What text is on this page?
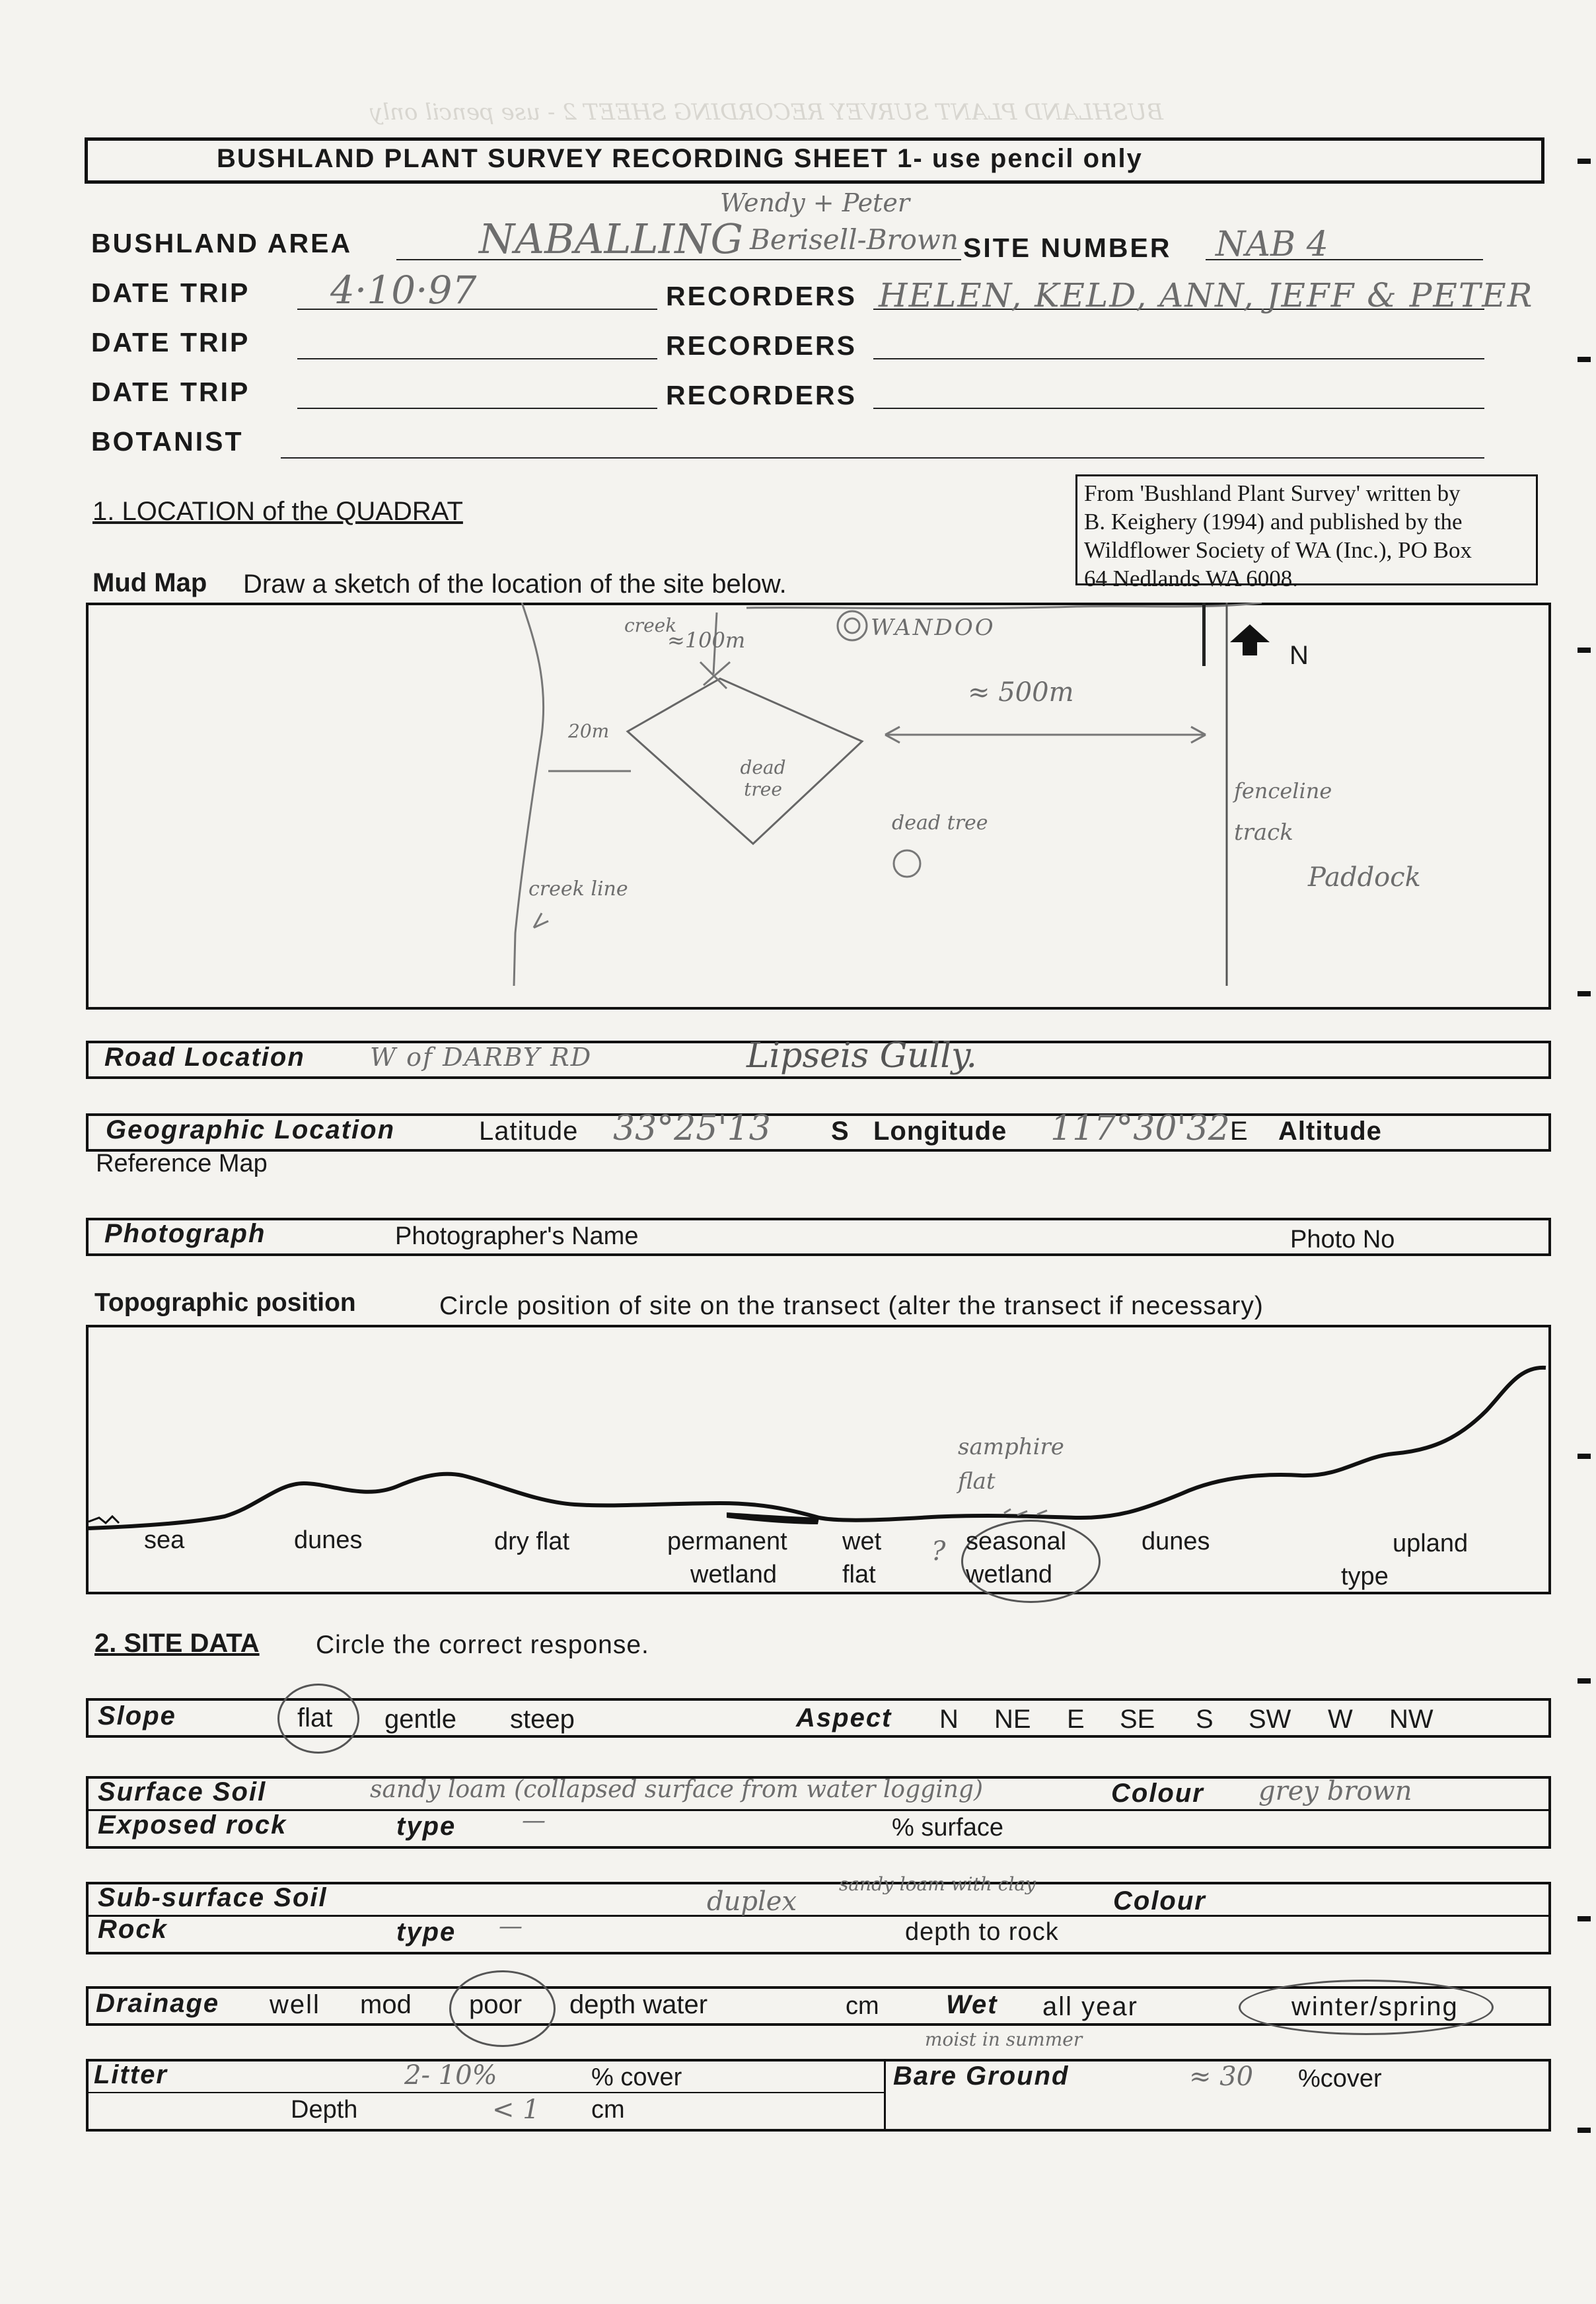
BUSHLAND PLANT SURVEY RECORDING SHEET 2 - use pencil only
BUSHLAND PLANT SURVEY RECORDING SHEET 1- use pencil only
BUSHLAND AREA	NABALLING
Wendy + Peter
Berisell-Brown SITE NUMBER NAB 4
DATE TRIP 4·10·97	RECORDERS HELEN, KELD, ANN, JEFF & PETER
DATE TRIP	RECORDERS
DATE TRIP	RECORDERS
BOTANIST
1. LOCATION of the QUADRAT
From 'Bushland Plant Survey' written by
B. Keighery (1994) and published by the
Wildflower Society of WA (Inc.), PO Box
64 Nedlands WA 6008.
Mud Map Draw a sketch of the location of the site below.
N
creek
≈100m	WANDOO
≈ 500m
20m
dead tree
dead tree
creek line
fenceline
track
Paddock
Road Location	W of DARBY RD	Lipseis Gully.
Geographic Location	Latitude 33°25'13 S Longitude 117°30'32 E Altitude
Reference Map
Photograph	Photographer's Name	Photo No
Topographic position	Circle position of site on the transect (alter the transect if necessary)
samphire
flat
sea	dunes	dry flat	permanent
wetland
wet
flat
? seasonal
wetland
dunes	upland
type
2. SITE DATA Circle the correct response.
Slope	flat gentle steep	Aspect N NE E SE S SW W NW
Surface Soil	sandy loam (collapsed surface from water logging)	Colour grey brown
Exposed rock	type	—	% surface
Sub-surface Soil	duplex
sandy loam with clay
Colour
Rock	type —	depth to rock
Drainage well mod poor depth water	cm	Wet all year	winter/spring
moist in summer
Litter	2- 10%	% cover
Depth	< 1 cm
Bare Ground	≈ 30 %cover
